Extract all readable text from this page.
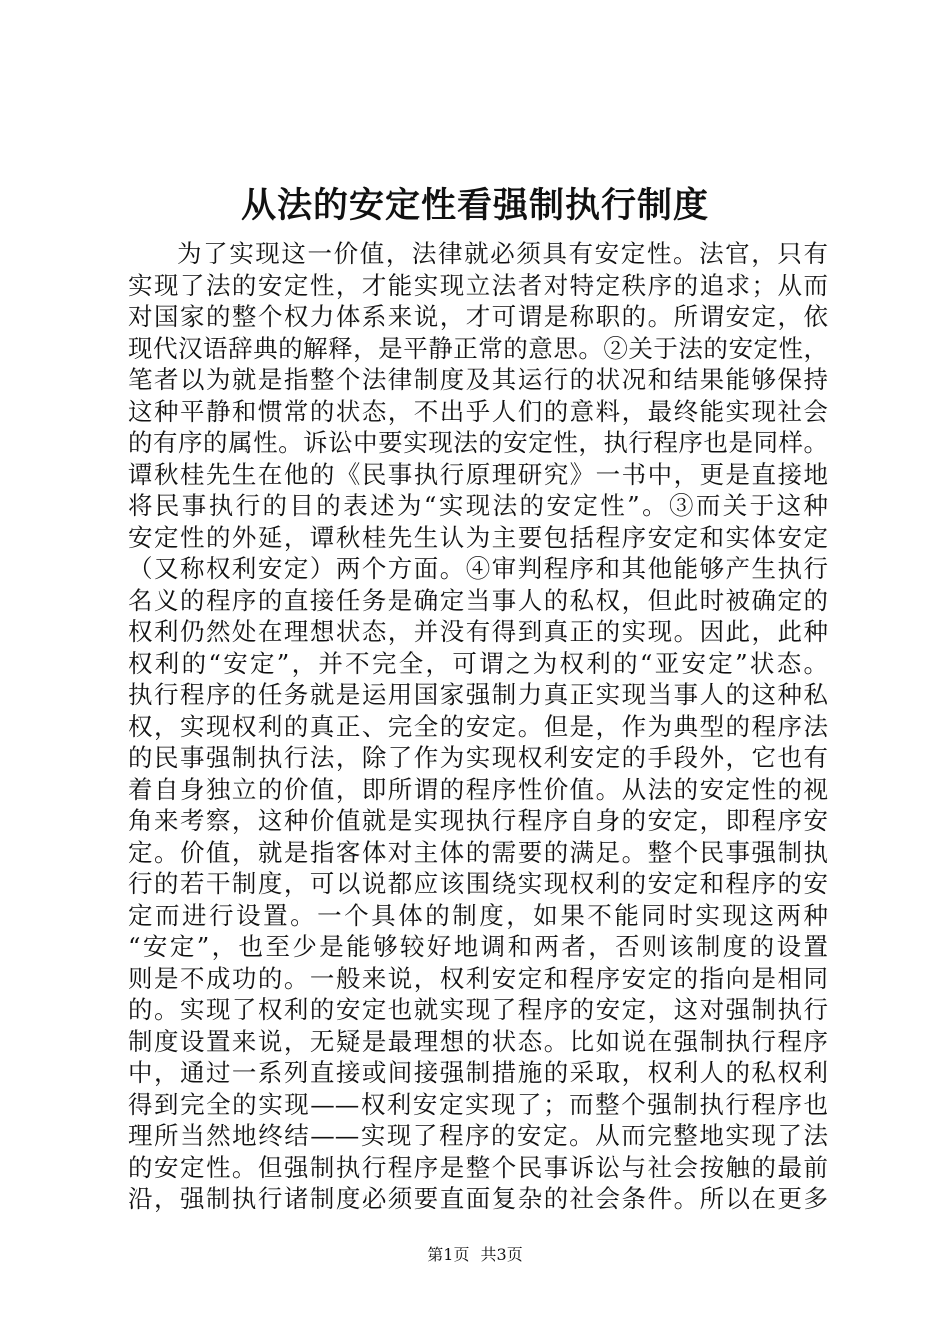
从法的安定性看强制执行制度
为了实现这一价值，法律就必须具有安定性。法官，只有
实现了法的安定性，才能实现立法者对特定秩序的追求；从而
对国家的整个权力体系来说，才可谓是称职的。所谓安定，依
现代汉语辞典的解释，是平静正常的意思。②关于法的安定性，
笔者以为就是指整个法律制度及其运行的状况和结果能够保持
这种平静和惯常的状态，不出乎人们的意料，最终能实现社会
的有序的属性。诉讼中要实现法的安定性，执行程序也是同样。
谭秋桂先生在他的《民事执行原理研究》一书中，更是直接地
将民事执行的目的表述为“实现法的安定性”。③而关于这种
安定性的外延，谭秋桂先生认为主要包括程序安定和实体安定
（又称权利安定）两个方面。④审判程序和其他能够产生执行
名义的程序的直接任务是确定当事人的私权，但此时被确定的
权利仍然处在理想状态，并没有得到真正的实现。因此，此种
权利的“安定”，并不完全，可谓之为权利的“亚安定”状态。
执行程序的任务就是运用国家强制力真正实现当事人的这种私
权，实现权利的真正、完全的安定。但是，作为典型的程序法
的民事强制执行法，除了作为实现权利安定的手段外，它也有
着自身独立的价值，即所谓的程序性价值。从法的安定性的视
角来考察，这种价值就是实现执行程序自身的安定，即程序安
定。价值，就是指客体对主体的需要的满足。整个民事强制执
行的若干制度，可以说都应该围绕实现权利的安定和程序的安
定而进行设置。一个具体的制度，如果不能同时实现这两种
“安定”，也至少是能够较好地调和两者，否则该制度的设置
则是不成功的。一般来说，权利安定和程序安定的指向是相同
的。实现了权利的安定也就实现了程序的安定，这对强制执行
制度设置来说，无疑是最理想的状态。比如说在强制执行程序
中，通过一系列直接或间接强制措施的采取，权利人的私权利
得到完全的实现——权利安定实现了；而整个强制执行程序也
理所当然地终结——实现了程序的安定。从而完整地实现了法
的安定性。但强制执行程序是整个民事诉讼与社会按触的最前
沿，强制执行诸制度必须要直面复杂的社会条件。所以在更多
第1页 共3页
